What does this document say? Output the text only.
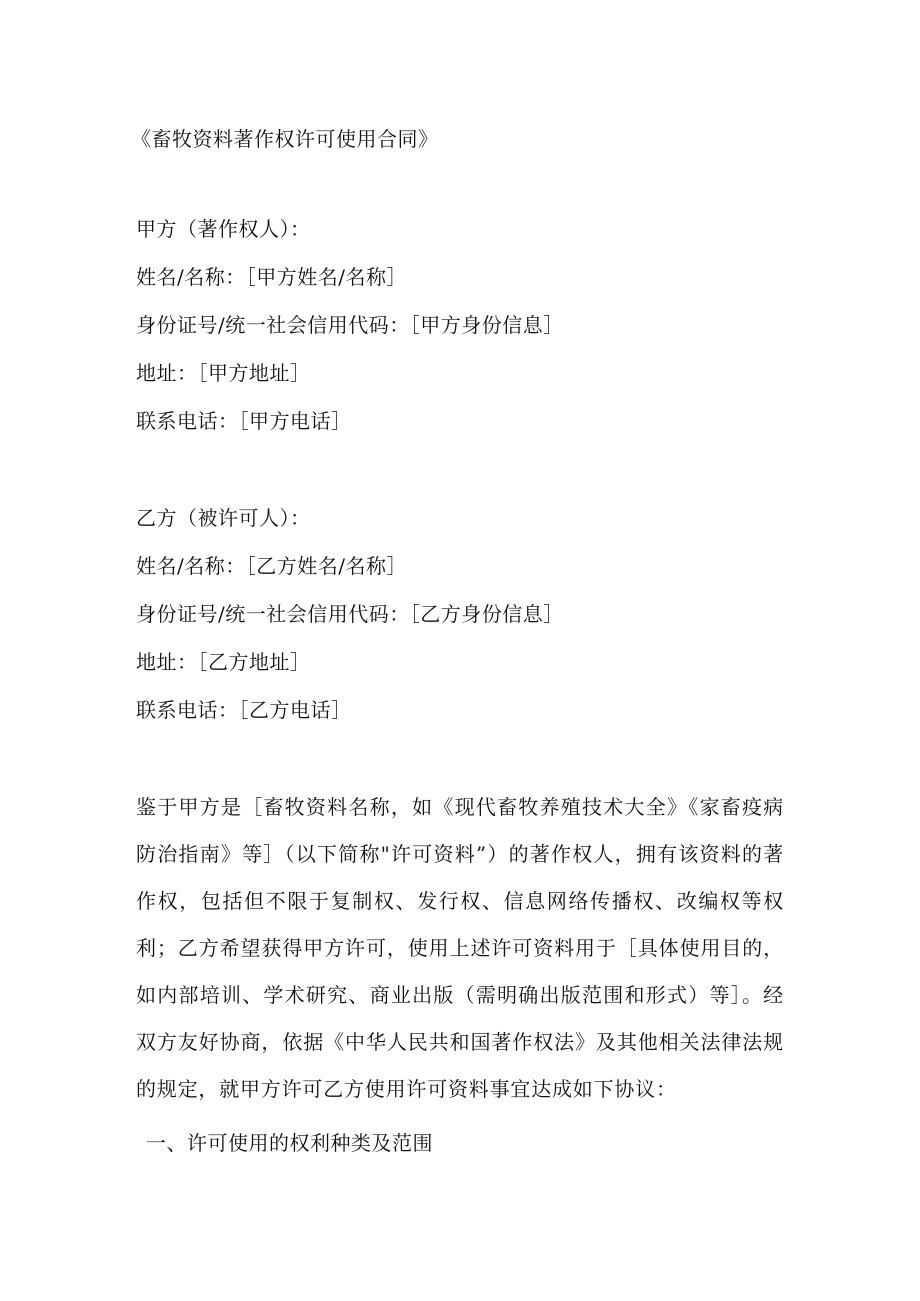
《畜牧资料著作权许可使用合同》
甲方（著作权人）：
姓名/名称：［甲方姓名/名称］
身份证号/统一社会信用代码：［甲方身份信息］
地址：［甲方地址］
联系电话：［甲方电话］
乙方（被许可人）：
姓名/名称：［乙方姓名/名称］
身份证号/统一社会信用代码：［乙方身份信息］
地址：［乙方地址］
联系电话：［乙方电话］

鉴于甲方是［畜牧资料名称，如《现代畜牧养殖技术大全》《家畜疫病防治指南》等］（以下简称"许可资料”）的著作权人，拥有该资料的著作权，包括但不限于复制权、发行权、信息网络传播权、改编权等权利；乙方希望获得甲方许可，使用上述许可资料用于［具体使用目的，如内部培训、学术研究、商业出版（需明确出版范围和形式）等］。经双方友好协商，依据《中华人民共和国著作权法》及其他相关法律法规的规定，就甲方许可乙方使用许可资料事宜达成如下协议：

一、许可使用的权利种类及范围
